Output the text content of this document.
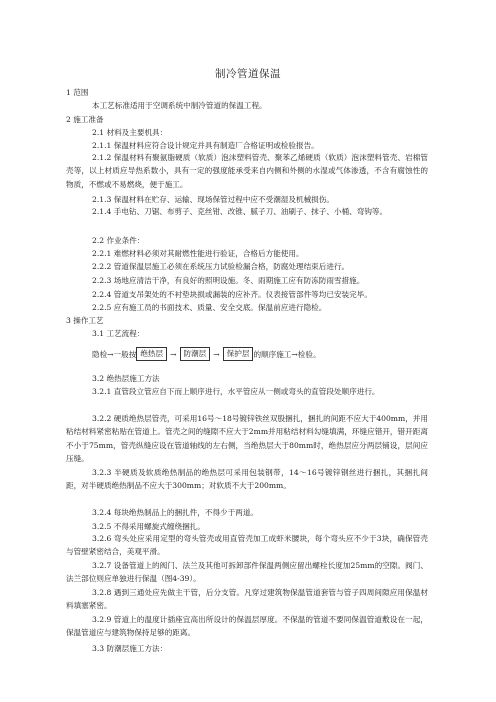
制冷管道保温
1 范围
本工艺标准适用于空调系统中制冷管道的保温工程。
2 施工准备
2.1 材料及主要机具：
2.1.1 保温材料应符合设计规定并具有制造厂合格证明或检验报告。
2.1.2 保温材料有聚氨脂硬质（软质）泡沫塑料管壳、聚苯乙烯硬质（软质）泡沫塑料管壳、岩棉管壳等，以上材质应导热系数小，具有一定的强度能承受来自内侧和外侧的水湿或气体渗透，不含有腐蚀性的物质，不燃或不易燃烧，便于施工。
2.1.3 保温材料在贮存、运输、现场保管过程中应不受潮湿及机械损伤。
2.1.4 手电钻、刀锯、布剪子、克丝钳、改锥、腻子刀、油刷子、抹子、小桶、弯钩等。
2.2 作业条件：
2.2.1 难燃材料必须对其耐燃性能进行验证，合格后方能使用。
2.2.2 管道保温层施工必须在系统压力试验检漏合格，防腐处理结束后进行。
2.2.3 场地应清洁干净，有良好的照明设施。冬、雨期施工应有防冻防雨雪措施。
2.2.4 管道支吊架处的不衬垫块损或漏装的应补齐。仪表接管部件等均已安装完毕。
2.2.5 应有施工员的书面技术、质量、安全交底。保温前应进行隐检。
3 操作工艺
3.1 工艺流程：
隐检→一般按 绝热层 → 防潮层 → 保护层 的顺序施工→检验。
3.2 绝热层施工方法
3.2.1 直管段立管应自下而上顺序进行，水平管应从一侧或弯头的直管段处顺序进行。
3.2.2 硬质绝热层管壳，可采用16号～18号镀锌铁丝双股捆扎，捆扎的间距不应大于400mm，并用粘结材料紧密粘贴在管道上。管壳之间的缝隙不应大于2mm并用粘结材料勾缝填满，环缝应错开，错开距离不小于75mm，管壳纵缝应设在管道轴线的左右侧，当绝热层大于80mm时，绝热层应分两层铺设，层间应压缝。
3.2.3 半硬质及软质绝热制品的绝热层可采用包装钢带，14～16号镀锌钢丝进行捆扎，其捆扎间距，对半硬质绝热制品不应大于300mm；对软质不大于200mm。
3.2.4 每块绝热制品上的捆扎件，不得少于两道。
3.2.5 不得采用螺旋式缠绕捆扎。
3.2.6 弯头处应采用定型的弯头管壳或用直管壳加工成虾米腰块，每个弯头应不少于3块，确保管壳与管壁紧密结合，美观平滑。
3.2.7 设备管道上的阀门、法兰及其他可拆卸部件保温两侧应留出螺栓长度加25mm的空隙。阀门、法兰部位则应单独进行保温（图4-39）。
3.2.8 遇到三通处应先做主干管，后分支管。凡穿过建筑物保温管道套管与管子四周间隙应用保温材料填塞紧密。
3.2.9 管道上的温度计插座宜高出所设计的保温层厚度。不保温的管道不要同保温管道敷设在一起，保温管道应与建筑物保持足够的距离。
3.3 防潮层施工方法：
